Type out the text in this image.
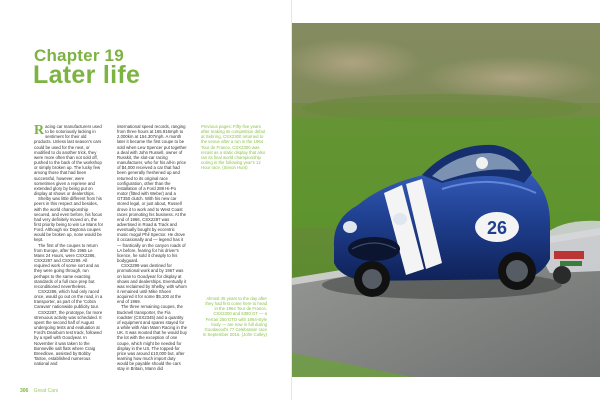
Chapter 19
Later life

Racing car manufacturers used to be notoriously lacking in sentiment for their old products. Unless last season's cars could be used for the next, or modified to do another trick, they were more often than not sold off, pushed to the back of the workshop or simply broken up. The lucky few among those that had been successful, however, were sometimes given a reprieve and extended glory by being put on display at shows or dealerships.

Shelby was little different from his peers in this respect and besides, with the world championship secured, and even before, his focus had very definitely moved on, the first priority being to win Le Mans for Ford. Although six Daytona coupes would be broken up, none would be kept.

The first of the coupes to return from Europe, after the 1965 Le Mans 24 Hours, were CSX2286, CSX2287 and CSX2299. All required work of some sort and as they were going through, run perhaps to the same exacting standards of a full race prep but reconditioned nevertheless.

CSX2286, which had only raced once, would go out on the road, in a transporter, as part of the 'Cobra Caravan' nationwide publicity tour.

CSX2287, the prototype, far more strenuous activity was scheduled. It spent the second half of August undergoing tests and evaluation at Ford's Dearborn test track, followed by a spell with Goodyear. In November it was taken to the Bonneville salt flats where Craig Breedlove, assisted by Bobby Tatroe, established numerous national and

international speed records, ranging from three hours at 165.916mph to 2,000km at 154.307mph. A month later it became the first coupe to be sold when Lew Spencer put together a deal with John Russell, owner of Russkit, the slot-car racing manufacturer, who for his all-in price of $4,000 received a car that had been generally freshened up and returned to its original race configuration, other than the installation of a Ford 289 Hi-Po motor (fitted with Weber) and a GT350 clutch. With his new car stored legal, or just about, Russell drove it to work and to West Coast races promoting his business. At the end of 1966, CSX2287 was advertised in Road & Track and eventually bought by eccentric music mogul Phil Spector. He drove it occasionally and — legend has it — frantically on the canyon roads of LA before, fearing for his driver's licence, he sold it cheaply to his bodyguard.

CSX2299 was destined for promotional work and by 1967 was on loan to Goodyear for display at shows and dealerships. Eventually it was reclaimed by Shelby, with whom it remained until Mike Shoen acquired it for some $5,100 at the end of 1969.

The three remaining coupes, the Bucknell transporter, the Fia roadster (CSX2345) and a quantity of equipment and spares stayed for a while with Alan Mann Racing in the UK. It was mooted that he would buy the lot with the exception of one coupe, which might be needed for display in the US. The topped-for price was around £10,000 but, after learning how much import duty would be payable should the cars stay in Britain, Mann did

Previous pages: Fifty-five years after making its competition debut at Sebring, CSX2300 returned to the venue after a run in the 1964 Tour de France, CSX2300 was recast as a static display that also ran its final world championship outing in the following year's 12 Hour race. (Simon Hunt)

Almost 45 years to the day after they had first come here to head in the 1964 Tour de France, CSX2300 and 6380 GT — a Ferrari 250 GTO with 1964-style body — are now in full during Goodwood's 77 Celebration race in September 2016. (John Colley)

306 Great Cars
26
